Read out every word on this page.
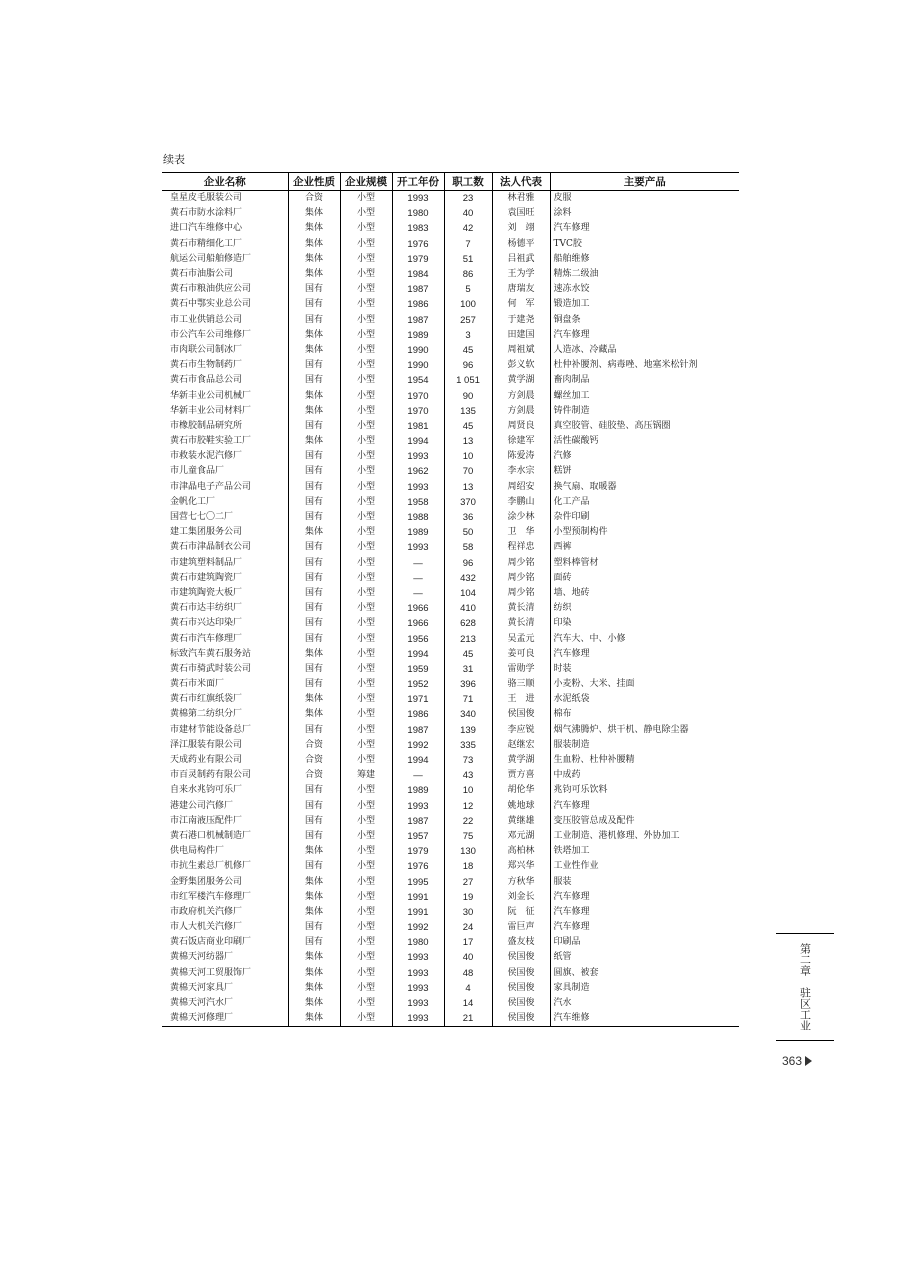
续表
企业名称	企业性质	企业规模	开工年份	职工数	法人代表	主要产品
皇星皮毛服装公司	合资	小型	1993	23	林君雅	皮服
黄石市防水涂料厂	集体	小型	1980	40	袁国旺	涂料
进口汽车维修中心	集体	小型	1983	42	刘　翊	汽车修理
黄石市精细化工厂	集体	小型	1976	7	杨德平	TVC胶
航运公司船舶修造厂	集体	小型	1979	51	吕祖武	船舶维修
黄石市油脂公司	集体	小型	1984	86	王为学	精炼二级油
黄石市粮油供应公司	国有	小型	1987	5	唐瑞友	速冻水饺
黄石中鄂实业总公司	国有	小型	1986	100	何　军	锻造加工
市工业供销总公司	国有	小型	1987	257	于建尧	铜盘条
市公汽车公司维修厂	集体	小型	1989	3	田建国	汽车修理
市肉联公司制冰厂	集体	小型	1990	45	周祖斌	人造冰、冷藏品
黄石市生物制药厂	国有	小型	1990	96	彭义软	杜仲补腰剂、病毒唑、地塞米松针剂
黄石市食品总公司	国有	小型	1954	1 051	黄学湖	畜肉制品
华新丰业公司机械厂	集体	小型	1970	90	方剑晨	螺丝加工
华新丰业公司材料厂	集体	小型	1970	135	方剑晨	铸件制造
市橡胶制品研究所	国有	小型	1981	45	周贤良	真空胶管、硅胶垫、高压锅圈
黄石市胶鞋实验工厂	集体	小型	1994	13	徐建军	活性碳酸钙
市救装水泥汽修厂	国有	小型	1993	10	陈爱涛	汽修
市儿童食品厂	国有	小型	1962	70	李水宗	糕饼
市津晶电子产品公司	国有	小型	1993	13	周绍安	换气扇、取暖器
金帆化工厂	国有	小型	1958	370	李鹏山	化工产品
国营七七〇二厂	国有	小型	1988	36	涂少林	杂件印刷
建工集团服务公司	集体	小型	1989	50	卫　华	小型预制构件
黄石市津晶制衣公司	国有	小型	1993	58	程祥忠	西裤
市建筑塑料制品厂	国有	小型	—	96	周少铭	塑料棒管材
黄石市建筑陶瓷厂	国有	小型	—	432	周少铭	面砖
市建筑陶瓷大板厂	国有	小型	—	104	周少铭	墙、地砖
黄石市达丰纺织厂	国有	小型	1966	410	黄长清	纺织
黄石市兴达印染厂	国有	小型	1966	628	黄长清	印染
黄石市汽车修理厂	国有	小型	1956	213	吴孟元	汽车大、中、小修
标致汽车黄石服务站	集体	小型	1994	45	姜可良	汽车修理
黄石市骑武时装公司	国有	小型	1959	31	雷勋学	时装
黄石市米面厂	国有	小型	1952	396	骆三顺	小麦粉、大米、挂面
黄石市红旗纸袋厂	集体	小型	1971	71	王　进	水泥纸袋
黄棉第二纺织分厂	集体	小型	1986	340	侯国俊	棉布
市建材节能设备总厂	国有	小型	1987	139	李应锐	烟气沸腾炉、烘干机、静电除尘器
泽江服装有限公司	合资	小型	1992	335	赵继宏	服装制造
天成药业有限公司	合资	小型	1994	73	黄学湖	生血粉、杜仲补腰精
市百灵制药有限公司	合资	筹建	—	43	贾方喜	中成药
自来水兆钧可乐厂	国有	小型	1989	10	胡伦华	兆钧可乐饮料
港建公司汽修厂	国有	小型	1993	12	姚地球	汽车修理
市江南液压配件厂	国有	小型	1987	22	黄继雄	变压胶管总成及配件
黄石港口机械制造厂	国有	小型	1957	75	邓元湖	工业制造、港机修理、外协加工
供电局构件厂	集体	小型	1979	130	高柏林	铁塔加工
市抗生素总厂机修厂	国有	小型	1976	18	郑兴华	工业性作业
金野集团服务公司	集体	小型	1995	27	方秋华	服装
市红军楼汽车修理厂	集体	小型	1991	19	刘金长	汽车修理
市政府机关汽修厂	集体	小型	1991	30	阮　征	汽车修理
市人大机关汽修厂	国有	小型	1992	24	雷巨声	汽车修理
黄石饭店商业印刷厂	国有	小型	1980	17	盛友枝	印刷品
黄棉天河纺器厂	集体	小型	1993	40	侯国俊	纸管
黄棉天河工贸服饰厂	集体	小型	1993	48	侯国俊	圆旗、被套
黄棉天河家具厂	集体	小型	1993	4	侯国俊	家具制造
黄棉天河汽水厂	集体	小型	1993	14	侯国俊	汽水
黄棉天河修理厂	集体	小型	1993	21	侯国俊	汽车维修	第二章　驻区工业
363
